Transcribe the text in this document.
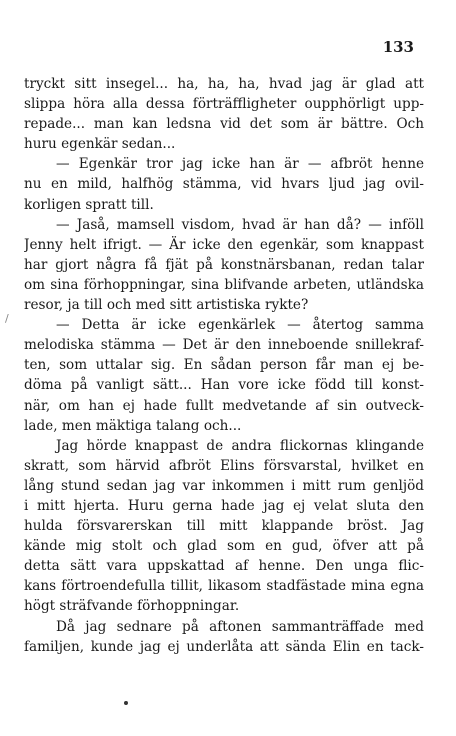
133
/
tryckt sitt insegel... ha, ha, ha, hvad jag är glad att
slippa höra alla dessa förträffligheter oupphörligt upp-
repade... man kan ledsna vid det som är bättre. Och
huru egenkär sedan...
— Egenkär tror jag icke han är — afbröt henne
nu en mild, halfhög stämma, vid hvars ljud jag ovil-
korligen spratt till.
— Jaså, mamsell visdom, hvad är han då? — inföll
Jenny helt ifrigt. — Är icke den egenkär, som knappast
har gjort några få fjät på konstnärsbanan, redan talar
om sina förhoppningar, sina blifvande arbeten, utländska
resor, ja till och med sitt artistiska rykte?
— Detta är icke egenkärlek — återtog samma
melodiska stämma — Det är den inneboende snillekraf-
ten, som uttalar sig. En sådan person får man ej be-
döma på vanligt sätt... Han vore icke född till konst-
när, om han ej hade fullt medvetande af sin outveck-
lade, men mäktiga talang och...
Jag hörde knappast de andra flickornas klingande
skratt, som härvid afbröt Elins försvarstal, hvilket en
lång stund sedan jag var inkommen i mitt rum genljöd
i mitt hjerta. Huru gerna hade jag ej velat sluta den
hulda försvarerskan till mitt klappande bröst. Jag
kände mig stolt och glad som en gud, öfver att på
detta sätt vara uppskattad af henne. Den unga flic-
kans förtroendefulla tillit, likasom stadfästade mina egna
högt sträfvande förhoppningar.
Då jag sednare på aftonen sammanträffade med
familjen, kunde jag ej underlåta att sända Elin en tack-
